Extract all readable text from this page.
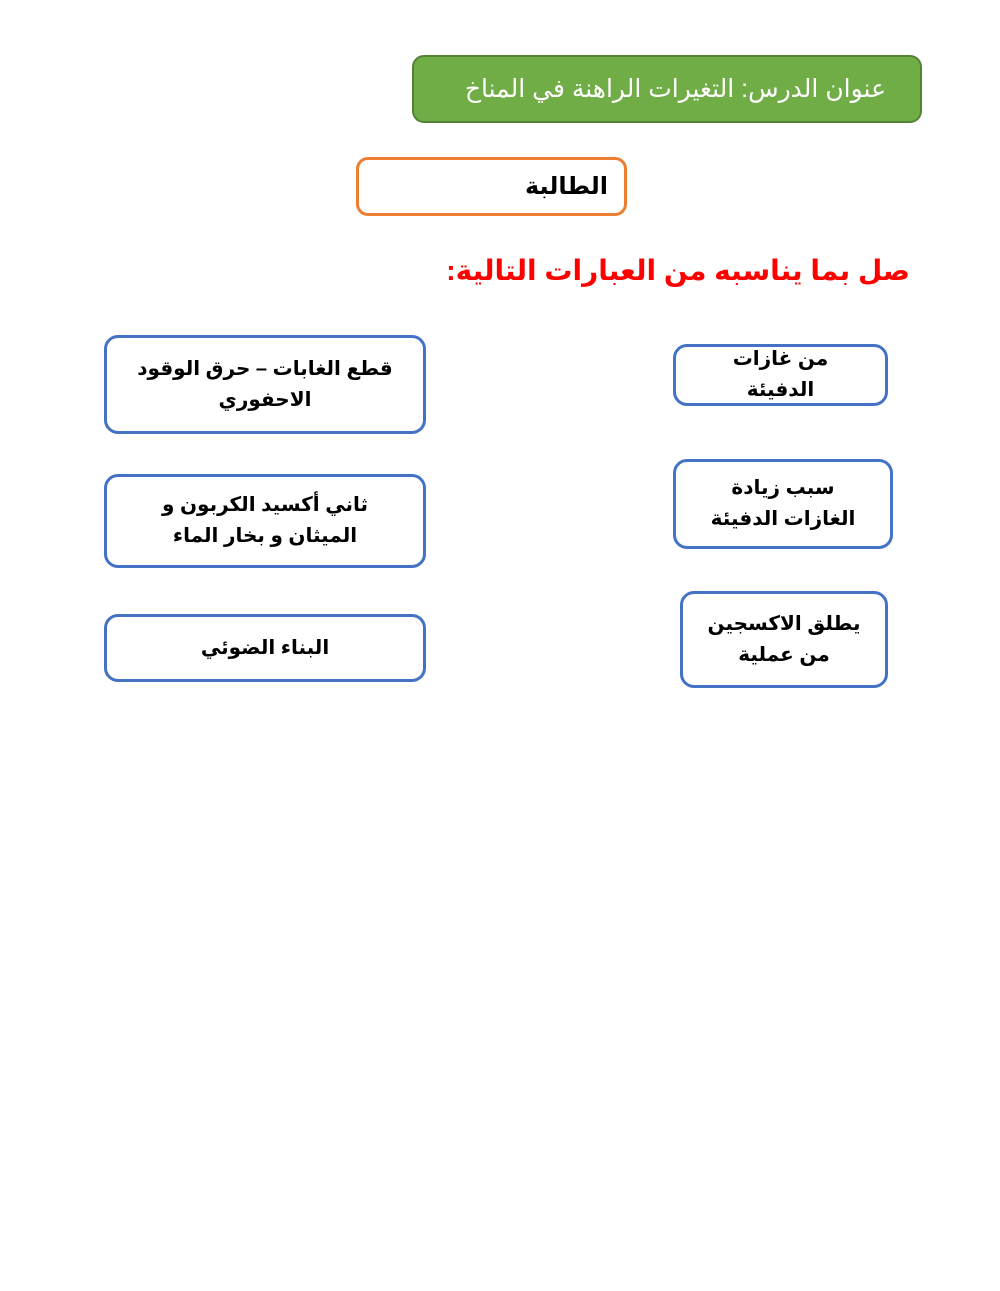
عنوان الدرس: التغيرات الراهنة في المناخ
الطالبة
صل بما يناسبه من العبارات التالية:
قطع الغابات – حرق الوقود الاحفوري
ثاني أكسيد الكربون و الميثان و بخار الماء
البناء الضوئي
من غازات الدفيئة
سبب زيادة الغازات الدفيئة
يطلق الاكسجين من عملية
